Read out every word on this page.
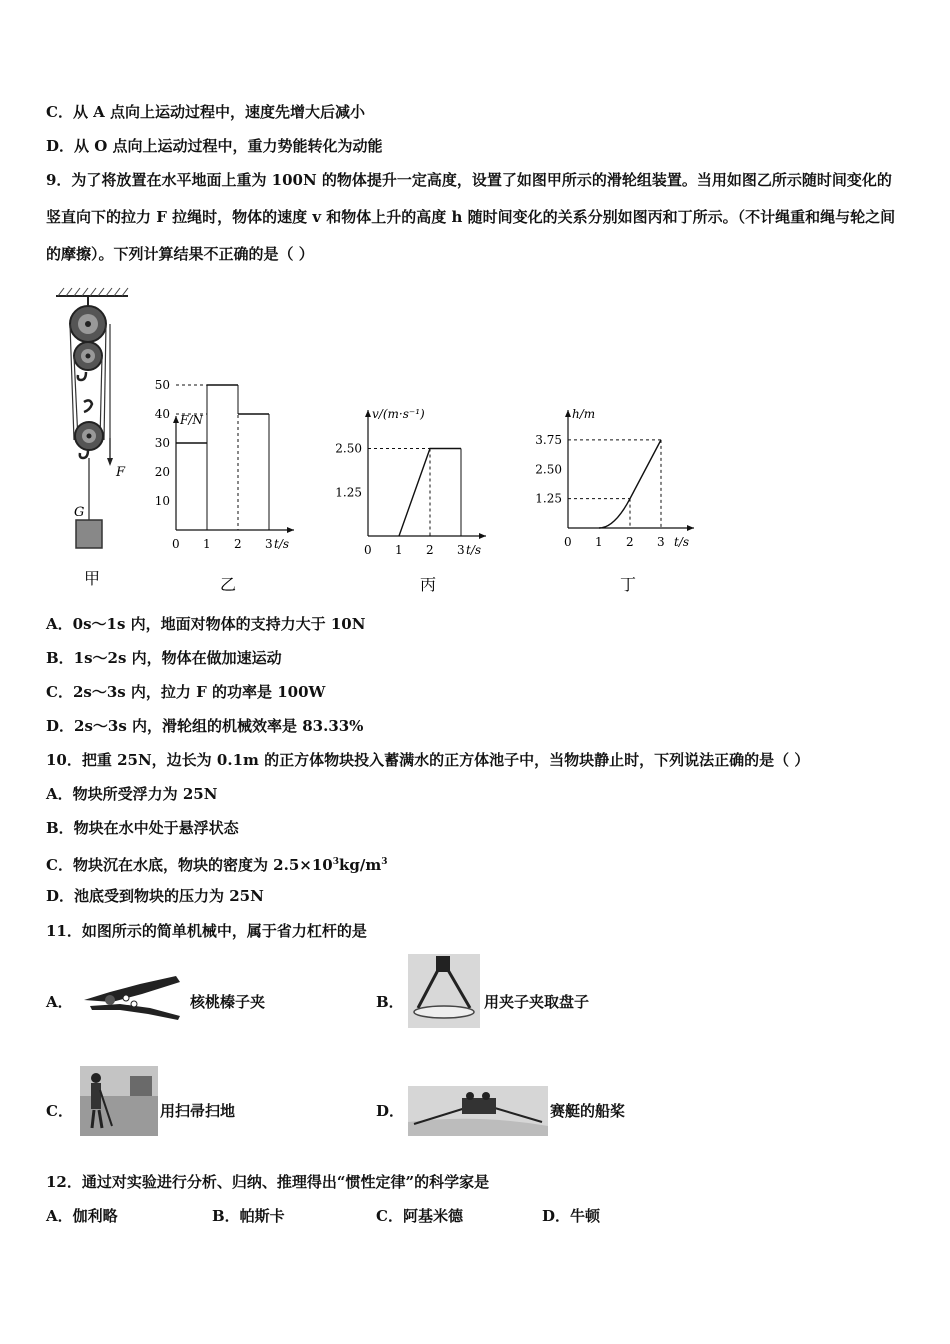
C．从 A 点向上运动过程中，速度先增大后减小
D．从 O 点向上运动过程中，重力势能转化为动能
9．为了将放置在水平地面上重为 100N 的物体提升一定高度，设置了如图甲所示的滑轮组装置。当用如图乙所示随时间变化的竖直向下的拉力 F 拉绳时，物体的速度 v 和物体上升的高度 h 随时间变化的关系分别如图丙和丁所示。（不计绳重和绳与轮之间的摩擦）。下列计算结果不正确的是（ ）
F
G
甲
F/N
t/s
0 1 2 3
10
20
30
40
50
乙
v/(m·s⁻¹)
t/s
0 1 2 3
1.25
2.50
丙
h/m
t/s
0 1 2 3
1.25
2.50
3.75
丁
A．0s～1s 内，地面对物体的支持力大于 10N
B．1s～2s 内，物体在做加速运动
C．2s～3s 内，拉力 F 的功率是 100W
D．2s～3s 内，滑轮组的机械效率是 83.33%
10．把重 25N，边长为 0.1m 的正方体物块投入蓄满水的正方体池子中，当物块静止时，下列说法正确的是（ ）
A．物块所受浮力为 25N
B．物块在水中处于悬浮状态
C．物块沉在水底，物块的密度为 $2.5\times 10^3kg/m^3$
D．池底受到物块的压力为 25N
11．如图所示的简单机械中，属于省力杠杆的是
A．	核桃榛子夹	B．	用夹子夹取盘子
C．	用扫帚扫地	D．	赛艇的船桨
12．通过对实验进行分析、归纳、推理得出“惯性定律”的科学家是
A．伽利略	B．帕斯卡	C．阿基米德	D．牛顿
